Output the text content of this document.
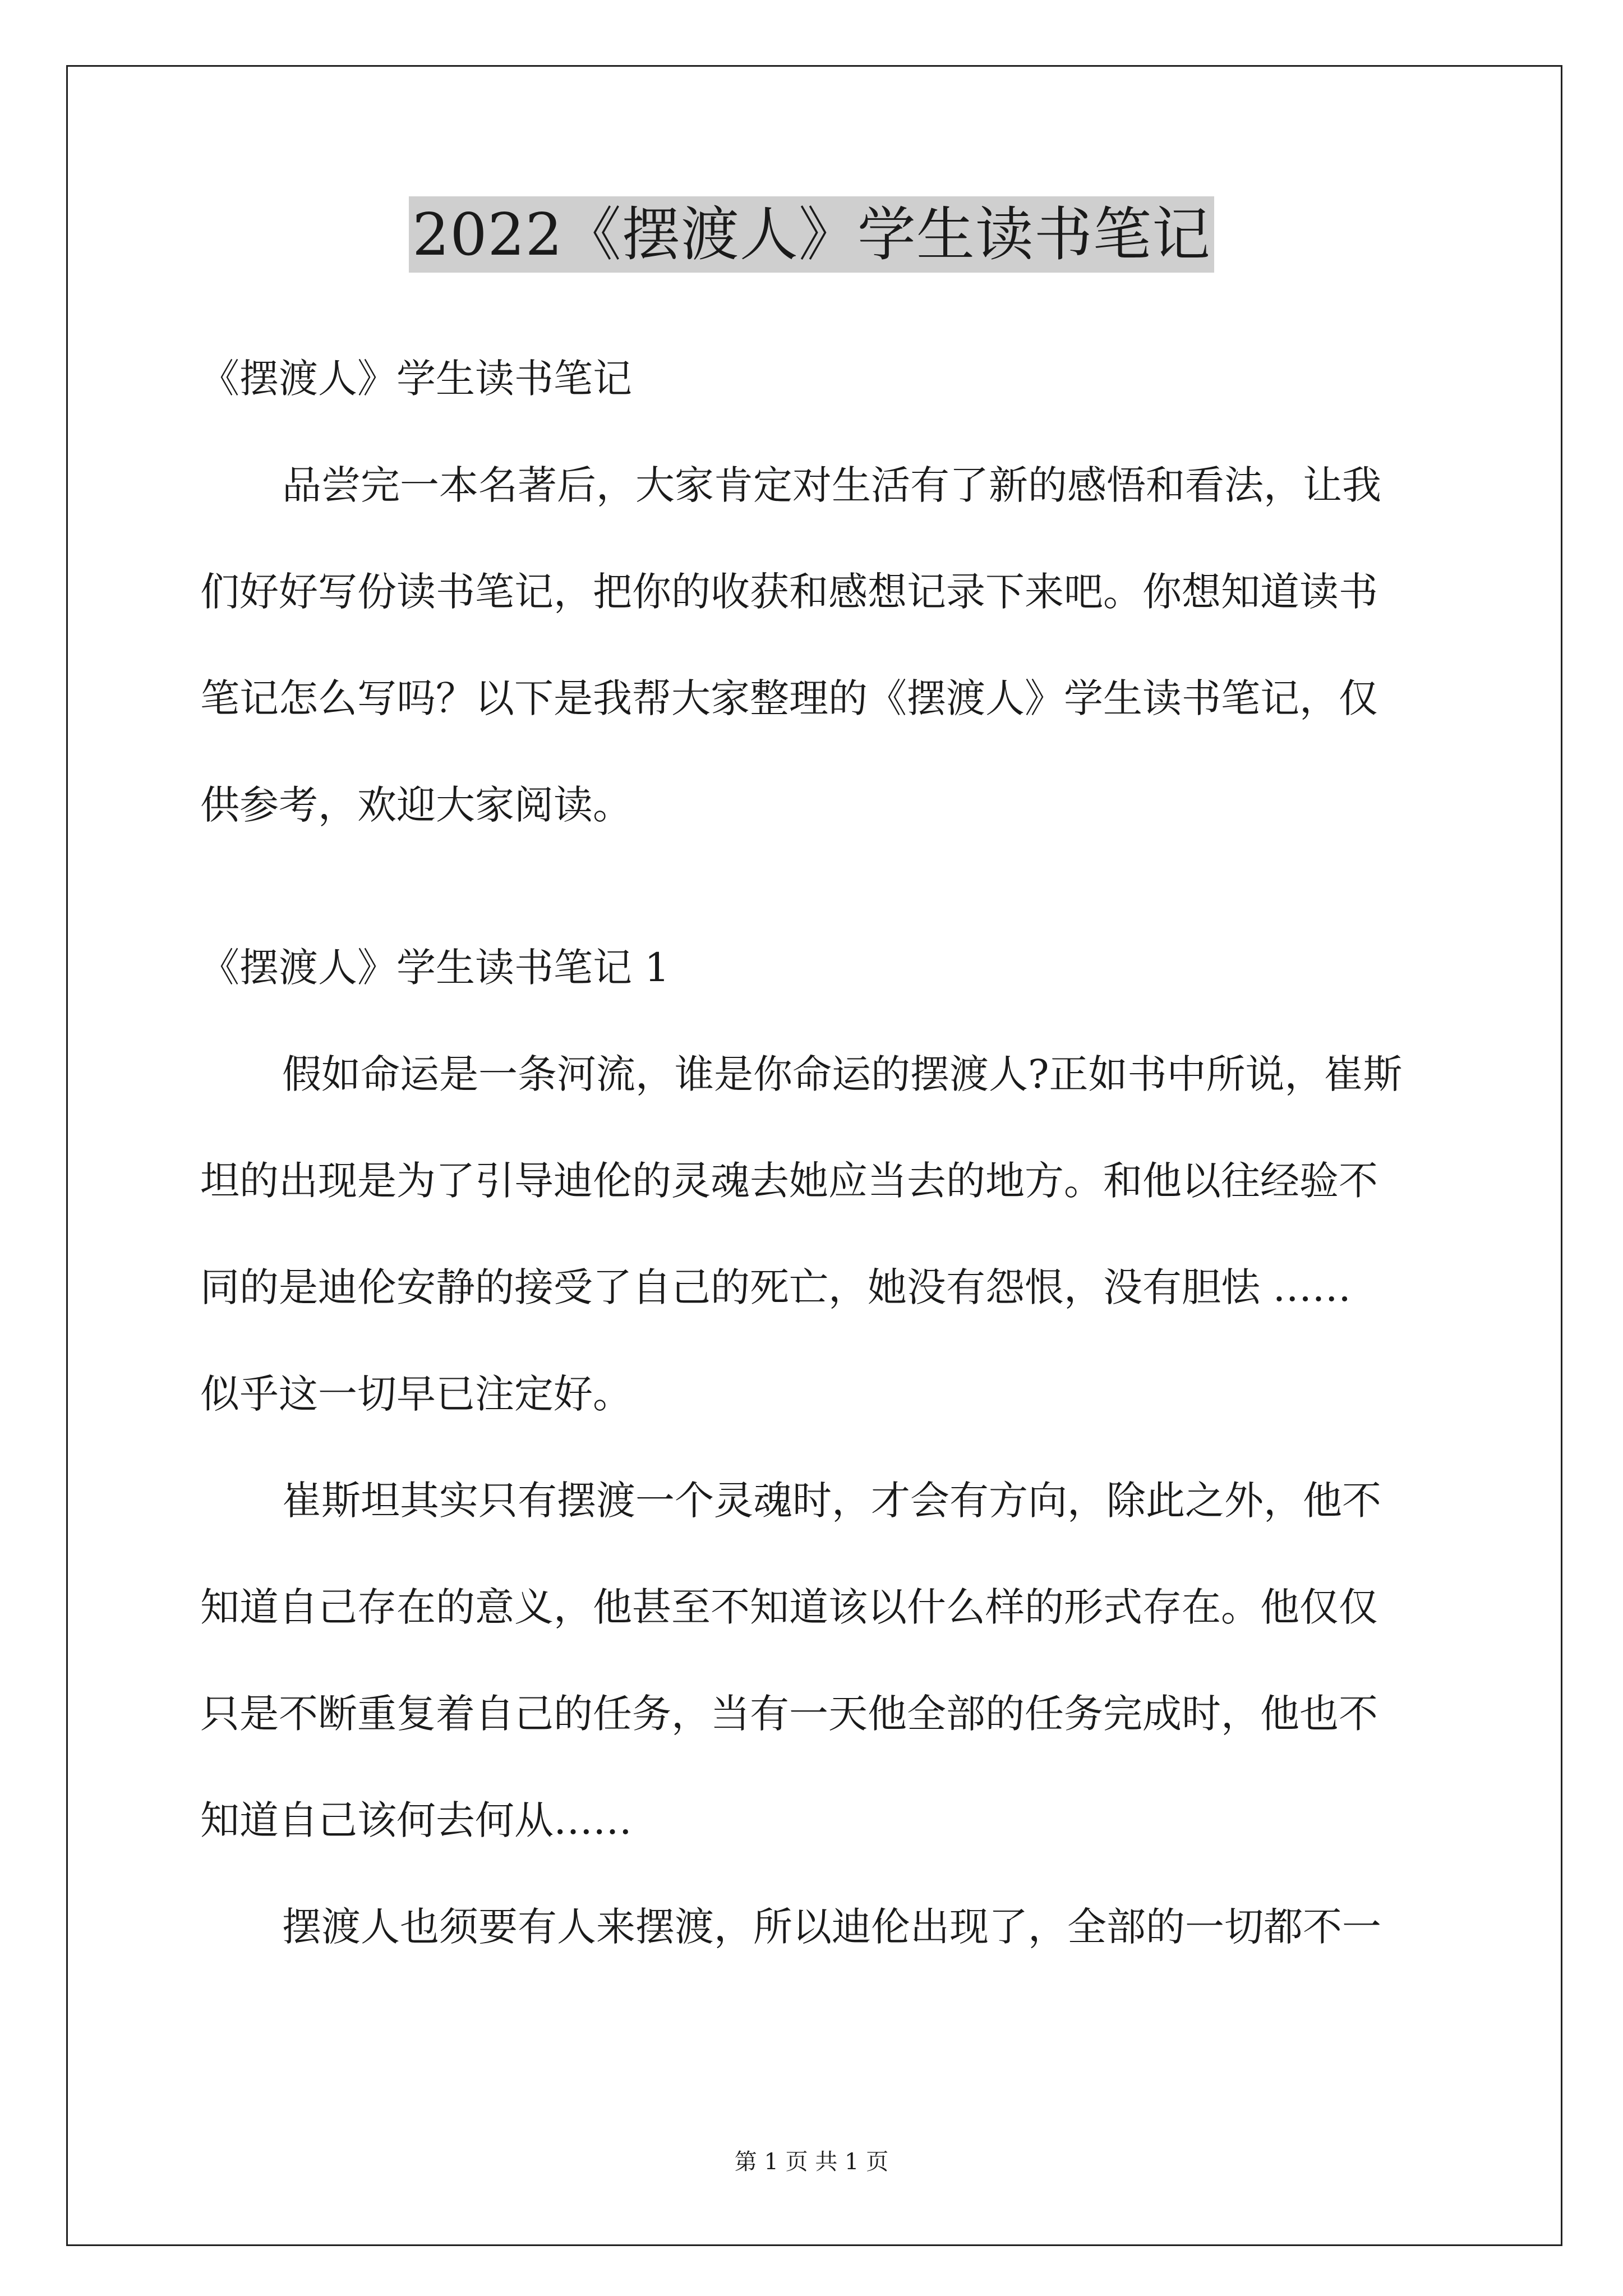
2022《摆渡人》学生读书笔记
《摆渡人》学生读书笔记
品尝完一本名著后，大家肯定对生活有了新的感悟和看法，让我
们好好写份读书笔记，把你的收获和感想记录下来吧。你想知道读书
笔记怎么写吗？以下是我帮大家整理的《摆渡人》学生读书笔记，仅
供参考，欢迎大家阅读。
《摆渡人》学生读书笔记 1
假如命运是一条河流，谁是你命运的摆渡人?正如书中所说，崔斯
坦的出现是为了引导迪伦的灵魂去她应当去的地方。和他以往经验不
同的是迪伦安静的接受了自己的死亡，她没有怨恨，没有胆怯 ……
似乎这一切早已注定好。
崔斯坦其实只有摆渡一个灵魂时，才会有方向，除此之外，他不
知道自己存在的意义，他甚至不知道该以什么样的形式存在。他仅仅
只是不断重复着自己的任务，当有一天他全部的任务完成时，他也不
知道自己该何去何从……
摆渡人也须要有人来摆渡，所以迪伦出现了，全部的一切都不一
第 1 页 共 1 页
